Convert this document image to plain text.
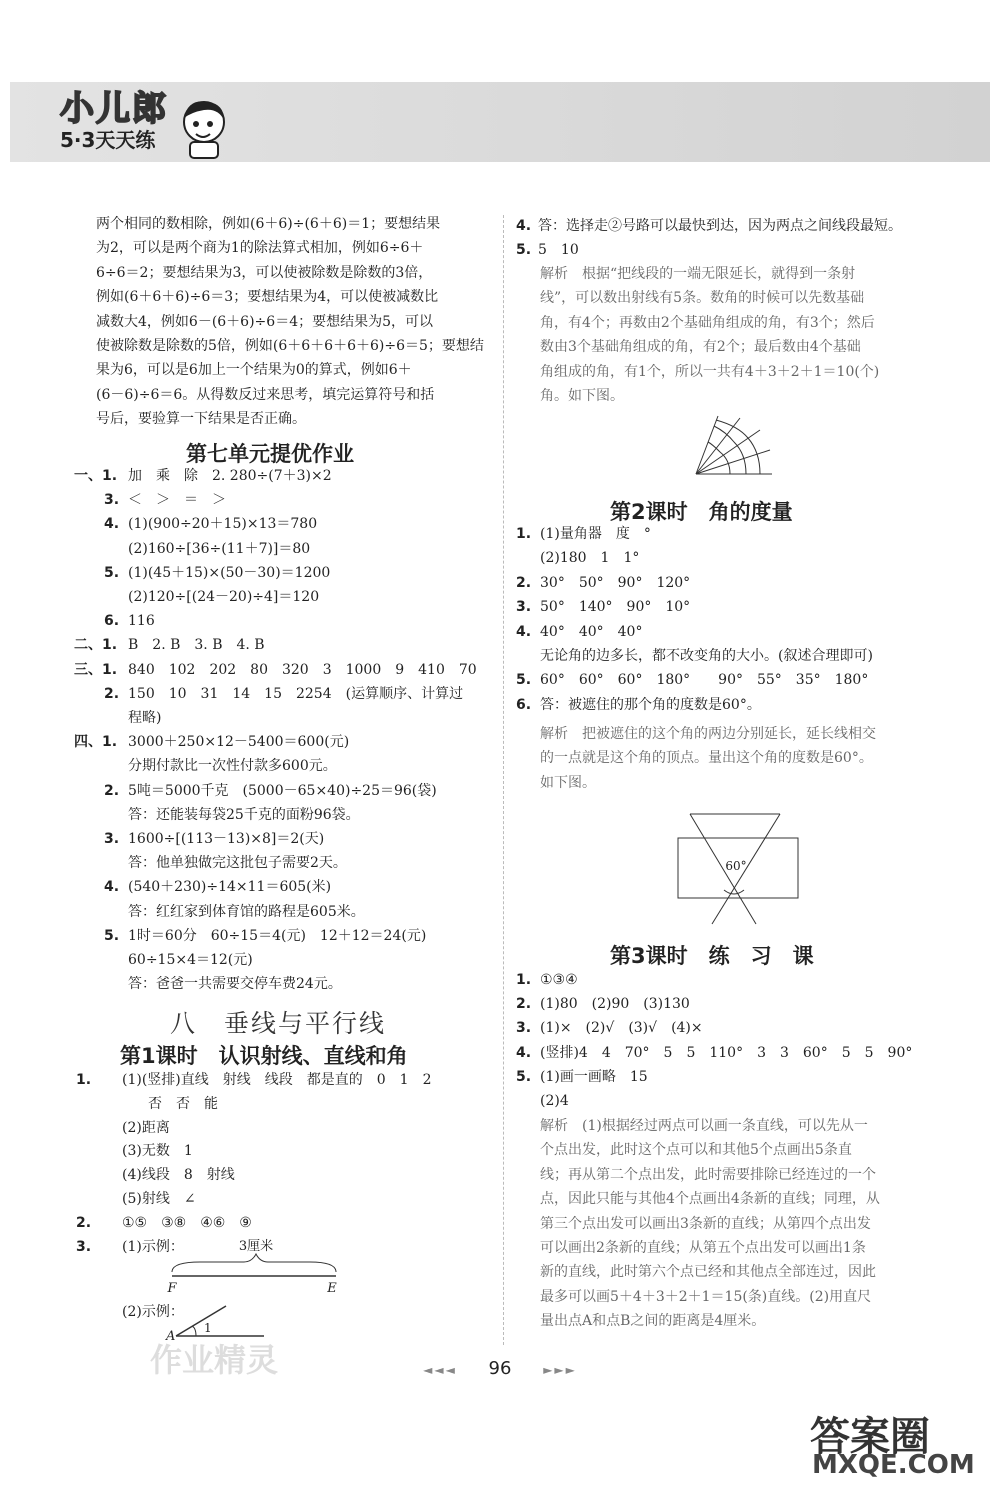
小儿郎
5·3天天练
两个相同的数相除，例如(6＋6)÷(6＋6)＝1；要想结果
为2，可以是两个商为1的除法算式相加，例如6÷6＋
6÷6＝2；要想结果为3，可以使被除数是除数的3倍，
例如(6＋6＋6)÷6＝3；要想结果为4，可以使被减数比
减数大4，例如6－(6＋6)÷6＝4；要想结果为5，可以
使被除数是除数的5倍，例如(6＋6＋6＋6＋6)÷6＝5；要想结
果为6，可以是6加上一个结果为0的算式，例如6＋
(6－6)÷6＝6。从得数反过来思考，填完运算符号和括
号后，要验算一下结果是否正确。
第七单元提优作业
一、1. 加　乘　除　2. 280÷(7＋3)×2
3. ＜　＞　＝　＞
4. (1)(900÷20＋15)×13＝780
(2)160÷[36÷(11＋7)]＝80
5. (1)(45＋15)×(50－30)＝1200
(2)120÷[(24－20)÷4]＝120
6. 116
二、1. B　2. B　3. B　4. B
三、1. 840　102　202　80　320　3　1000　9　410　70
2. 150　10　31　14　15　2254　(运算顺序、计算过
程略)
四、1. 3000＋250×12－5400＝600(元)
分期付款比一次性付款多600元。
2. 5吨＝5000千克　(5000－65×40)÷25＝96(袋)
答：还能装每袋25千克的面粉96袋。
3. 1600÷[(113－13)×8]＝2(天)
答：他单独做完这批包子需要2天。
4. (540＋230)÷14×11＝605(米)
答：红红家到体育馆的路程是605米。
5. 1时＝60分　60÷15＝4(元)　12＋12＝24(元)
60÷15×4＝12(元)
答：爸爸一共需要交停车费24元。
八　垂线与平行线
第1课时　认识射线、直线和角
1. (1)(竖排)直线　射线　线段　都是直的　0　1　2
否　否　能
(2)距离
(3)无数　1
(4)线段　8　射线
(5)射线　∠
2. ①⑤　③⑧　④⑥　⑨
3. (1)示例：
(2)示例：
4. 答：选择走②号路可以最快到达，因为两点之间线段最短。
5. 5　10
解析　根据“把线段的一端无限延长，就得到一条射
线”，可以数出射线有5条。数角的时候可以先数基础
角，有4个；再数由2个基础角组成的角，有3个；然后
数由3个基础角组成的角，有2个；最后数由4个基础
角组成的角，有1个，所以一共有4＋3＋2＋1＝10(个)
角。如下图。
第2课时　角的度量
1. (1)量角器　度　°
(2)180　1　1°
2. 30°　50°　90°　120°
3. 50°　140°　90°　10°
4. 40°　40°　40°
无论角的边多长，都不改变角的大小。(叙述合理即可)
5. 60°　60°　60°　180°　　90°　55°　35°　180°
6. 答：被遮住的那个角的度数是60°。
解析　把被遮住的这个角的两边分别延长，延长线相交
的一点就是这个角的顶点。量出这个角的度数是60°。
如下图。
第3课时　练　习　课
1. ①③④
2. (1)80　(2)90　(3)130
3. (1)×　(2)√　(3)√　(4)×
4. (竖排)4　4　70°　5　5　110°　3　3　60°　5　5　90°
5. (1)画一画略　15
(2)4
解析　(1)根据经过两点可以画一条直线，可以先从一
个点出发，此时这个点可以和其他5个点画出5条直
线；再从第二个点出发，此时需要排除已经连过的一个
点，因此只能与其他4个点画出4条新的直线；同理，从
第三个点出发可以画出3条新的直线；从第四个点出发
可以画出2条新的直线；从第五个点出发可以画出1条
新的直线，此时第六个点已经和其他点全部连过，因此
最多可以画5＋4＋3＋2＋1＝15(条)直线。(2)用直尺
量出点A和点B之间的距离是4厘米。
3厘米
F	E
A
1
作业精灵
60°
◄◄◄ 96	►►►
答案圈
MXQE.COM
